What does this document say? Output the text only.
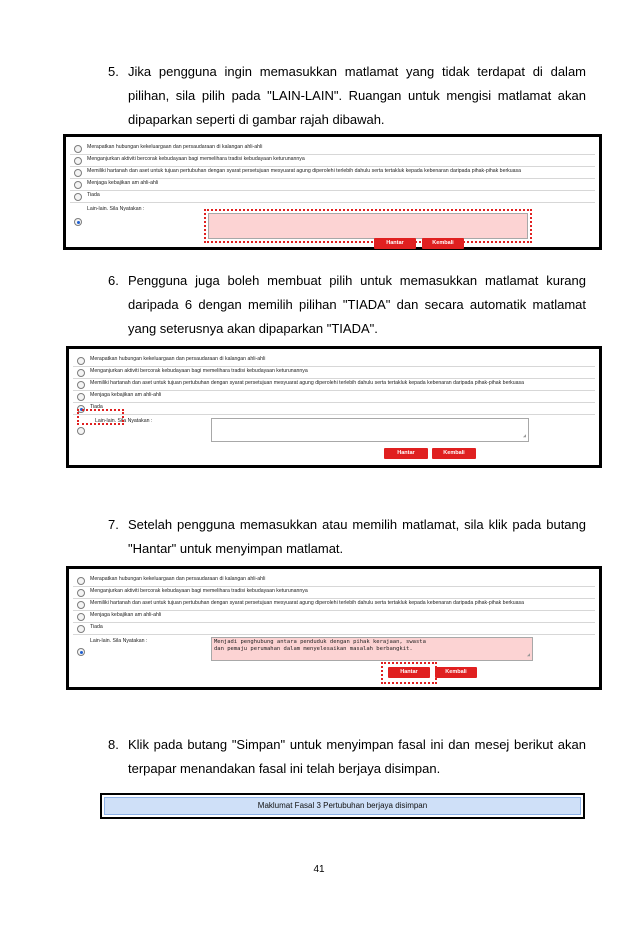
5. Jika pengguna ingin memasukkan matlamat yang tidak terdapat di dalam
pilihan, sila pilih pada "LAIN-LAIN". Ruangan untuk mengisi matlamat akan
dipaparkan seperti di gambar rajah dibawah.
Merapatkan hubungan kekeluargaan dan persaudaraan di kalangan ahli-ahli
Menganjurkan aktiviti bercorak kebudayaan bagi memelihara tradisi kebudayaan keturunannya
Memiliki hartanah dan aset untuk tujuan pertubuhan dengan syarat persetujuan mesyuarat agung diperolehi terlebih dahulu serta tertakluk kepada kebenaran daripada pihak-pihak berkuasa
Menjaga kebajikan am ahli-ahli
Tiada
Lain-lain. Sila Nyatakan :
Hantar	Kembali
6. Pengguna juga boleh membuat pilih untuk memasukkan matlamat kurang
daripada 6 dengan memilih pilihan "TIADA" dan secara automatik matlamat
yang seterusnya akan dipaparkan "TIADA".
Merapatkan hubungan kekeluargaan dan persaudaraan di kalangan ahli-ahli
Menganjurkan aktiviti bercorak kebudayaan bagi memelihara tradisi kebudayaan keturunannya
Memiliki hartanah dan aset untuk tujuan pertubuhan dengan syarat persetujuan mesyuarat agung diperolehi terlebih dahulu serta tertakluk kepada kebenaran daripada pihak-pihak berkuasa
Menjaga kebajikan am ahli-ahli
Tiada
Lain-lain. Sila Nyatakan :
◢
Hantar	Kembali
7. Setelah pengguna memasukkan atau memilih matlamat, sila klik pada butang
"Hantar" untuk menyimpan matlamat.
Merapatkan hubungan kekeluargaan dan persaudaraan di kalangan ahli-ahli
Menganjurkan aktiviti bercorak kebudayaan bagi memelihara tradisi kebudayaan keturunannya
Memiliki hartanah dan aset untuk tujuan pertubuhan dengan syarat persetujuan mesyuarat agung diperolehi terlebih dahulu serta tertakluk kepada kebenaran daripada pihak-pihak berkuasa
Menjaga kebajikan am ahli-ahli
Tiada
Lain-lain. Sila Nyatakan :	Menjadi penghubung antara penduduk dengan pihak kerajaan, swasta
dan pemaju perumahan dalam menyelesaikan masalah berbangkit.
◢
Hantar	Kembali
8. Klik pada butang "Simpan" untuk menyimpan fasal ini dan mesej berikut akan
terpapar menandakan fasal ini telah berjaya disimpan.
Maklumat Fasal 3 Pertubuhan berjaya disimpan
41
